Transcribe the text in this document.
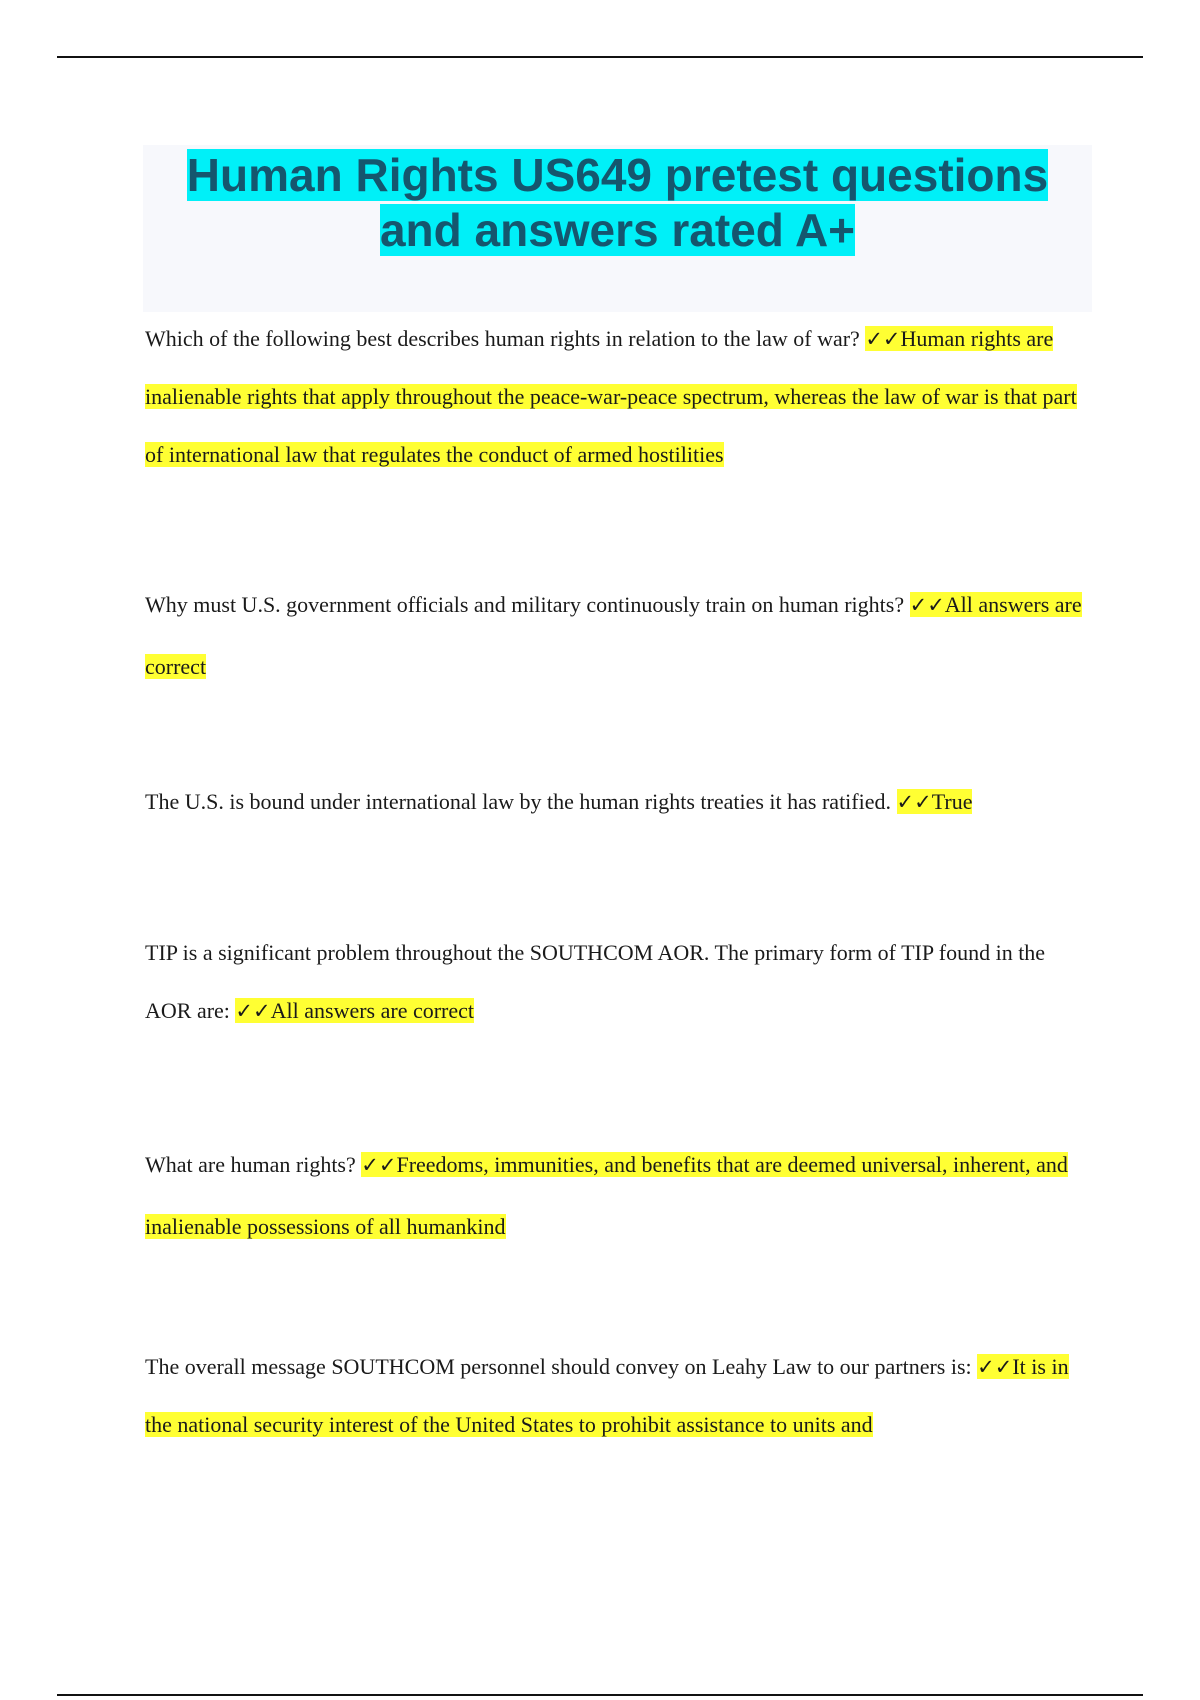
Human Rights US649 pretest questions and answers rated A+

Which of the following best describes human rights in relation to the law of war? ✓✓Human rights are inalienable rights that apply throughout the peace-war-peace spectrum, whereas the law of war is that part of international law that regulates the conduct of armed hostilities

Why must U.S. government officials and military continuously train on human rights? ✓✓All answers are correct

The U.S. is bound under international law by the human rights treaties it has ratified. ✓✓True

TIP is a significant problem throughout the SOUTHCOM AOR. The primary form of TIP found in the AOR are: ✓✓All answers are correct

What are human rights? ✓✓Freedoms, immunities, and benefits that are deemed universal, inherent, and inalienable possessions of all humankind

The overall message SOUTHCOM personnel should convey on Leahy Law to our partners is: ✓✓It is in the national security interest of the United States to prohibit assistance to units and
